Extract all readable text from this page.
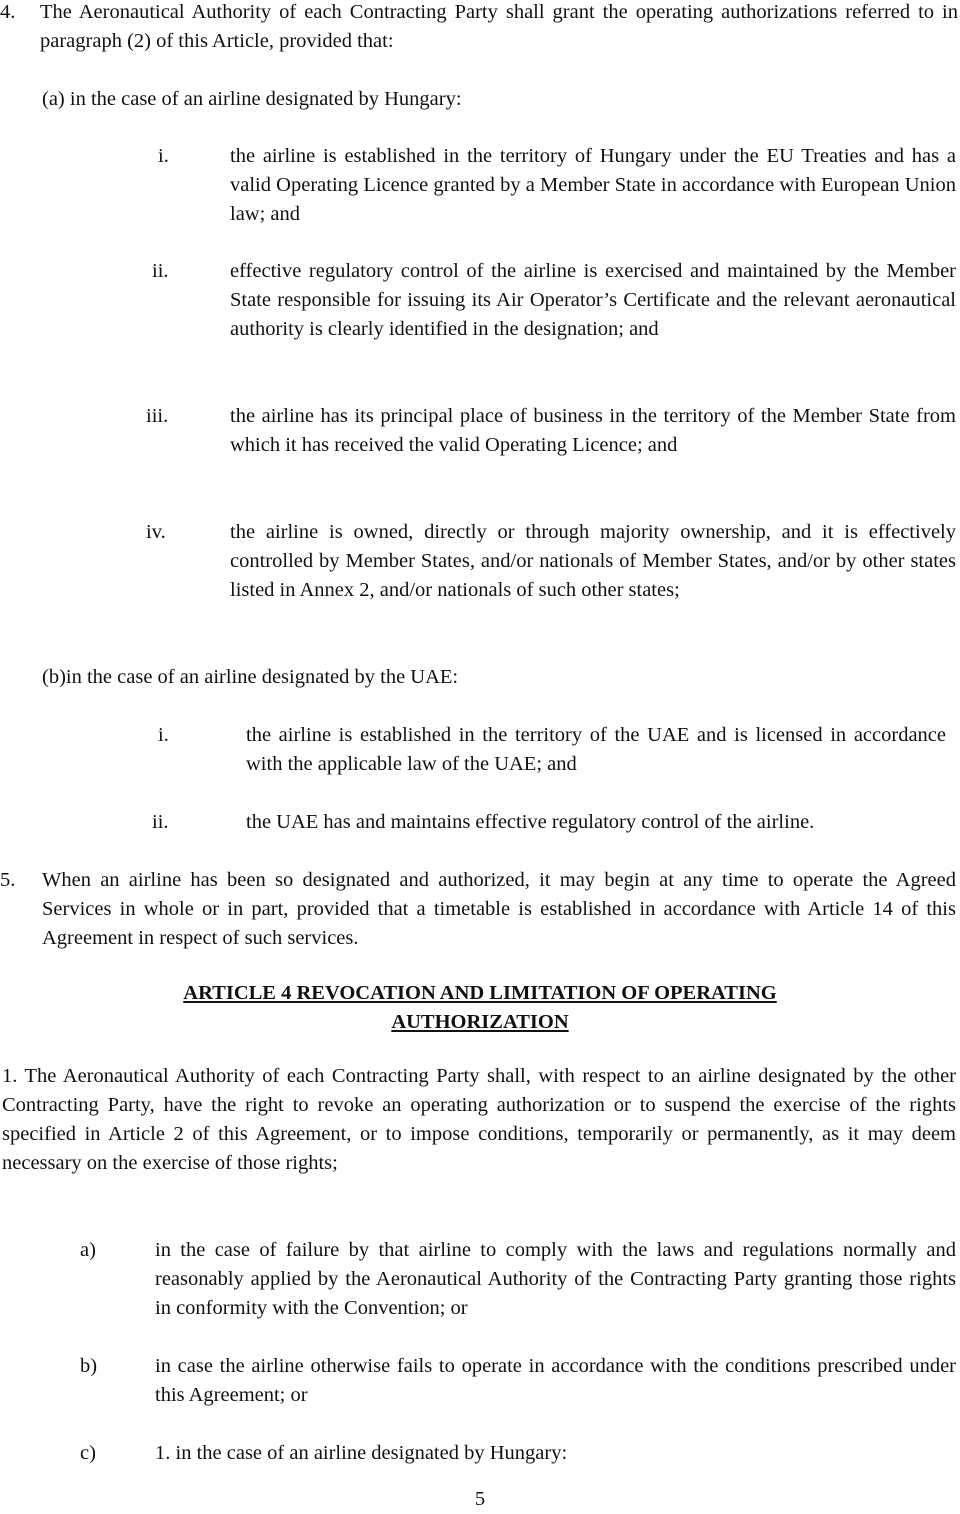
4. The Aeronautical Authority of each Contracting Party shall grant the operating authorizations referred to in paragraph (2) of this Article, provided that:

(a) in the case of an airline designated by Hungary:

i.	the airline is established in the territory of Hungary under the EU Treaties and has a valid Operating Licence granted by a Member State in accordance with European Union law; and

ii.	effective regulatory control of the airline is exercised and maintained by the Member State responsible for issuing its Air Operator’s Certificate and the relevant aeronautical authority is clearly identified in the designation; and

iii.	the airline has its principal place of business in the territory of the Member State from which it has received the valid Operating Licence; and

iv.	the airline is owned, directly or through majority ownership, and it is effectively controlled by Member States, and/or nationals of Member States, and/or by other states listed in Annex 2, and/or nationals of such other states;

(b)in the case of an airline designated by the UAE:

i.	the airline is established in the territory of the UAE and is licensed in accordance with the applicable law of the UAE; and

ii.	the UAE has and maintains effective regulatory control of the airline.

5. When an airline has been so designated and authorized, it may begin at any time to operate the Agreed Services in whole or in part, provided that a timetable is established in accordance with Article 14 of this Agreement in respect of such services.

ARTICLE 4 REVOCATION AND LIMITATION OF OPERATING

AUTHORIZATION

1. The Aeronautical Authority of each Contracting Party shall, with respect to an airline designated by the other Contracting Party, have the right to revoke an operating authorization or to suspend the exercise of the rights specified in Article 2 of this Agreement, or to impose conditions, temporarily or permanently, as it may deem necessary on the exercise of those rights;

a)	in the case of failure by that airline to comply with the laws and regulations normally and reasonably applied by the Aeronautical Authority of the Contracting Party granting those rights in conformity with the Convention; or

b)	in case the airline otherwise fails to operate in accordance with the conditions prescribed under this Agreement; or

c)	1. in the case of an airline designated by Hungary:

5
